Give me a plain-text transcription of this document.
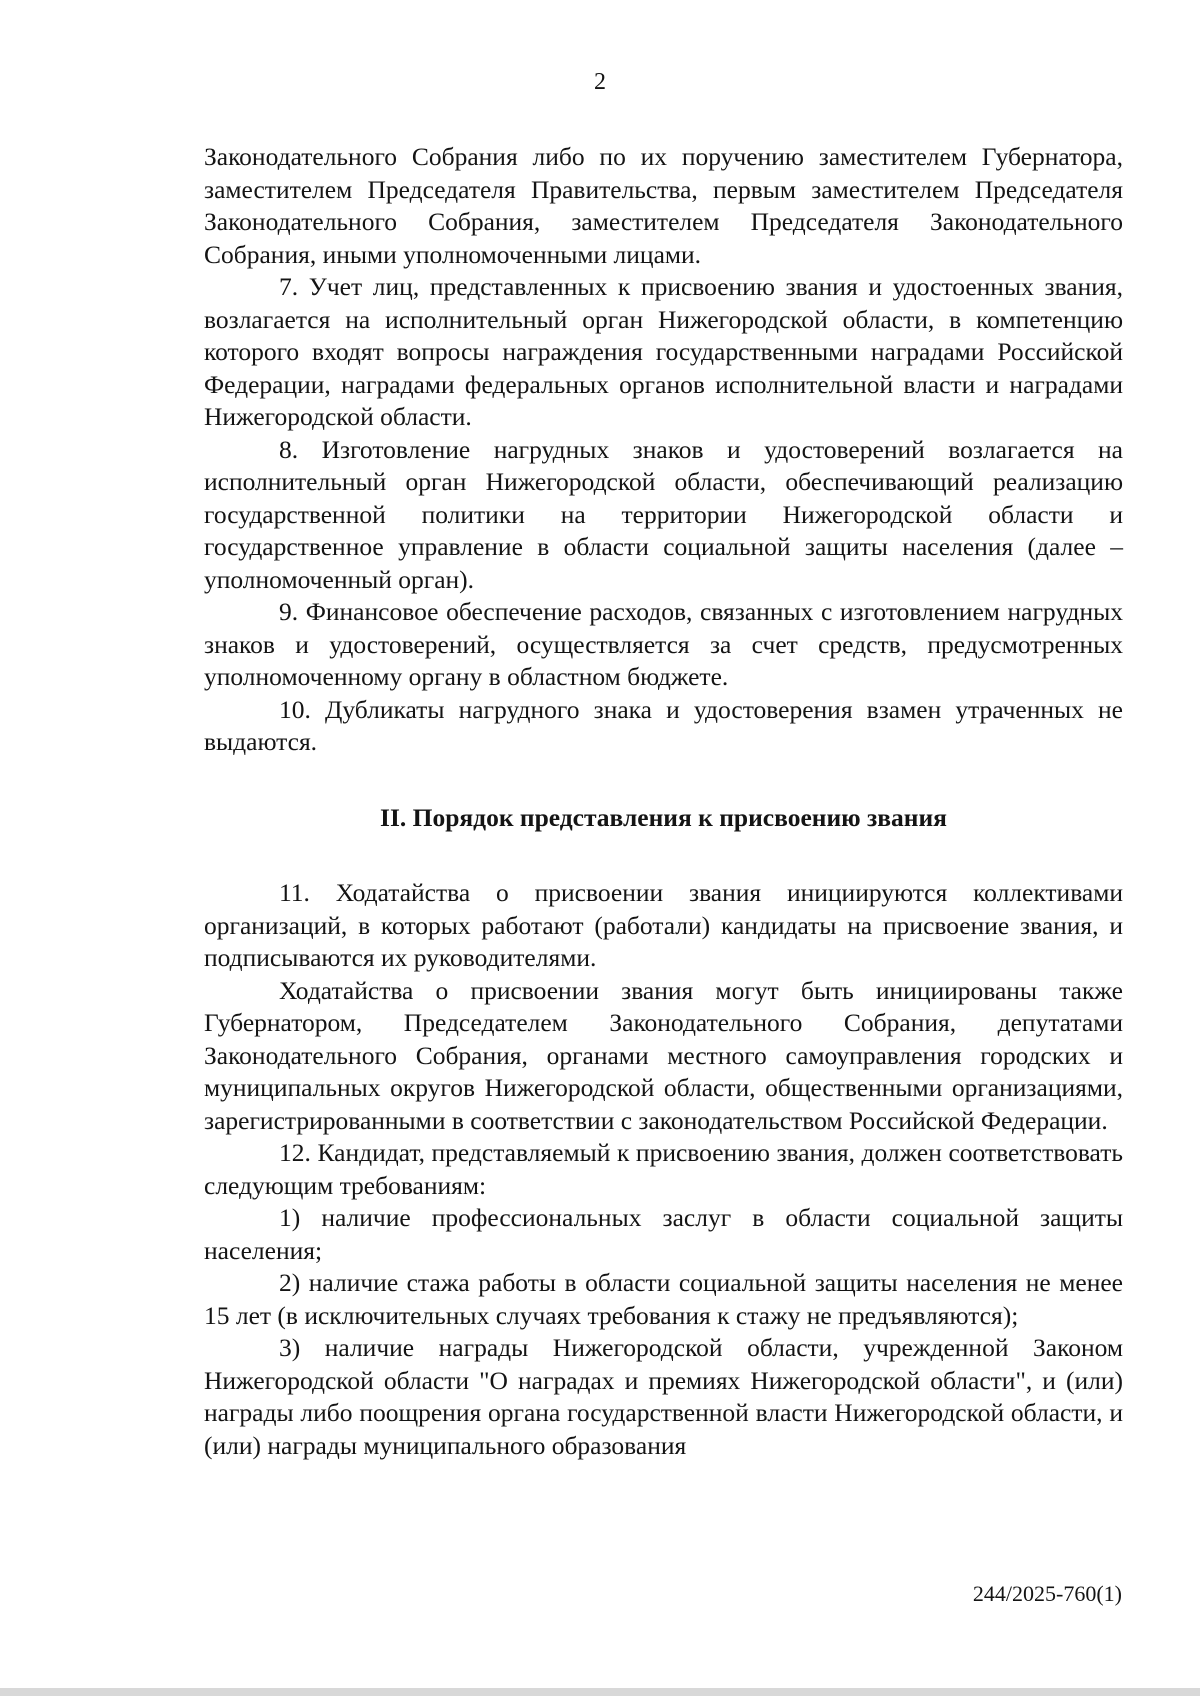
2

Законодательного Собрания либо по их поручению заместителем Губернатора, заместителем Председателя Правительства, первым заместителем Председателя Законодательного Собрания, заместителем Председателя Законодательного Собрания, иными уполномоченными лицами.

7. Учет лиц, представленных к присвоению звания и удостоенных звания, возлагается на исполнительный орган Нижегородской области, в компетенцию которого входят вопросы награждения государственными наградами Российской Федерации, наградами федеральных органов исполнительной власти и наградами Нижегородской области.

8. Изготовление нагрудных знаков и удостоверений возлагается на исполнительный орган Нижегородской области, обеспечивающий реализацию государственной политики на территории Нижегородской области и государственное управление в области социальной защиты населения (далее – уполномоченный орган).

9. Финансовое обеспечение расходов, связанных с изготовлением нагрудных знаков и удостоверений, осуществляется за счет средств, предусмотренных уполномоченному органу в областном бюджете.

10. Дубликаты нагрудного знака и удостоверения взамен утраченных не выдаются.

II. Порядок представления к присвоению звания

11. Ходатайства о присвоении звания инициируются коллективами организаций, в которых работают (работали) кандидаты на присвоение звания, и подписываются их руководителями.

Ходатайства о присвоении звания могут быть инициированы также Губернатором, Председателем Законодательного Собрания, депутатами Законодательного Собрания, органами местного самоуправления городских и муниципальных округов Нижегородской области, общественными организациями, зарегистрированными в соответствии с законодательством Российской Федерации.

12. Кандидат, представляемый к присвоению звания, должен соответствовать следующим требованиям:

1) наличие профессиональных заслуг в области социальной защиты населения;

2) наличие стажа работы в области социальной защиты населения не менее 15 лет (в исключительных случаях требования к стажу не предъявляются);

3) наличие награды Нижегородской области, учрежденной Законом Нижегородской области "О наградах и премиях Нижегородской области", и (или) награды либо поощрения органа государственной власти Нижегородской области, и (или) награды муниципального образования

244/2025-760(1)
